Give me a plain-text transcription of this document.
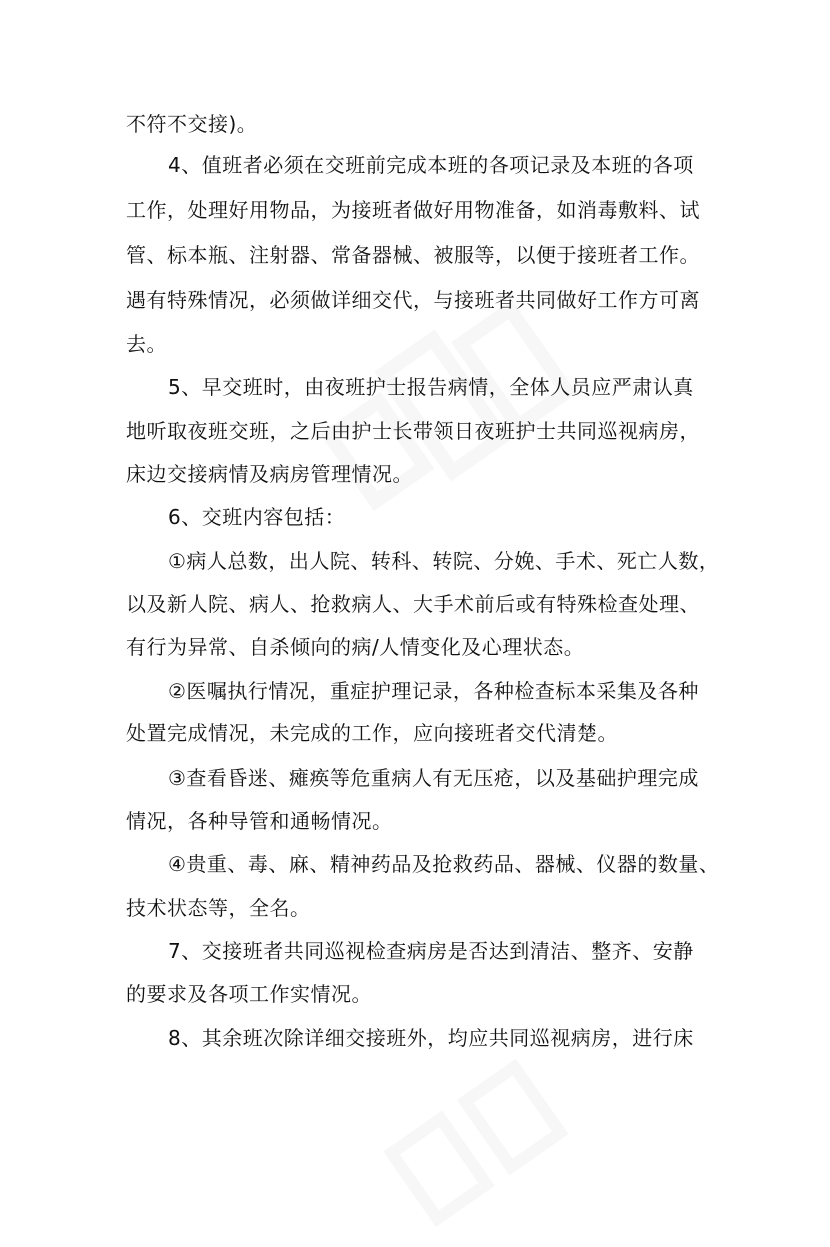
不符不交接)。
4、值班者必须在交班前完成本班的各项记录及本班的各项
工作，处理好用物品，为接班者做好用物准备，如消毒敷料、试
管、标本瓶、注射器、常备器械、被服等，以便于接班者工作。
遇有特殊情况，必须做详细交代，与接班者共同做好工作方可离
去。
5、早交班时，由夜班护士报告病情，全体人员应严肃认真
地听取夜班交班，之后由护士长带领日夜班护士共同巡视病房，
床边交接病情及病房管理情况。
6、交班内容包括：
①病人总数，出人院、转科、转院、分娩、手术、死亡人数，
以及新人院、病人、抢救病人、大手术前后或有特殊检查处理、
有行为异常、自杀倾向的病/人情变化及心理状态。
②医嘱执行情况，重症护理记录，各种检查标本采集及各种
处置完成情况，未完成的工作，应向接班者交代清楚。
③查看昏迷、瘫痪等危重病人有无压疮，以及基础护理完成
情况，各种导管和通畅情况。
④贵重、毒、麻、精神药品及抢救药品、器械、仪器的数量、
技术状态等，全名。
7、交接班者共同巡视检查病房是否达到清洁、整齐、安静
的要求及各项工作实情况。
8、其余班次除详细交接班外，均应共同巡视病房，进行床
